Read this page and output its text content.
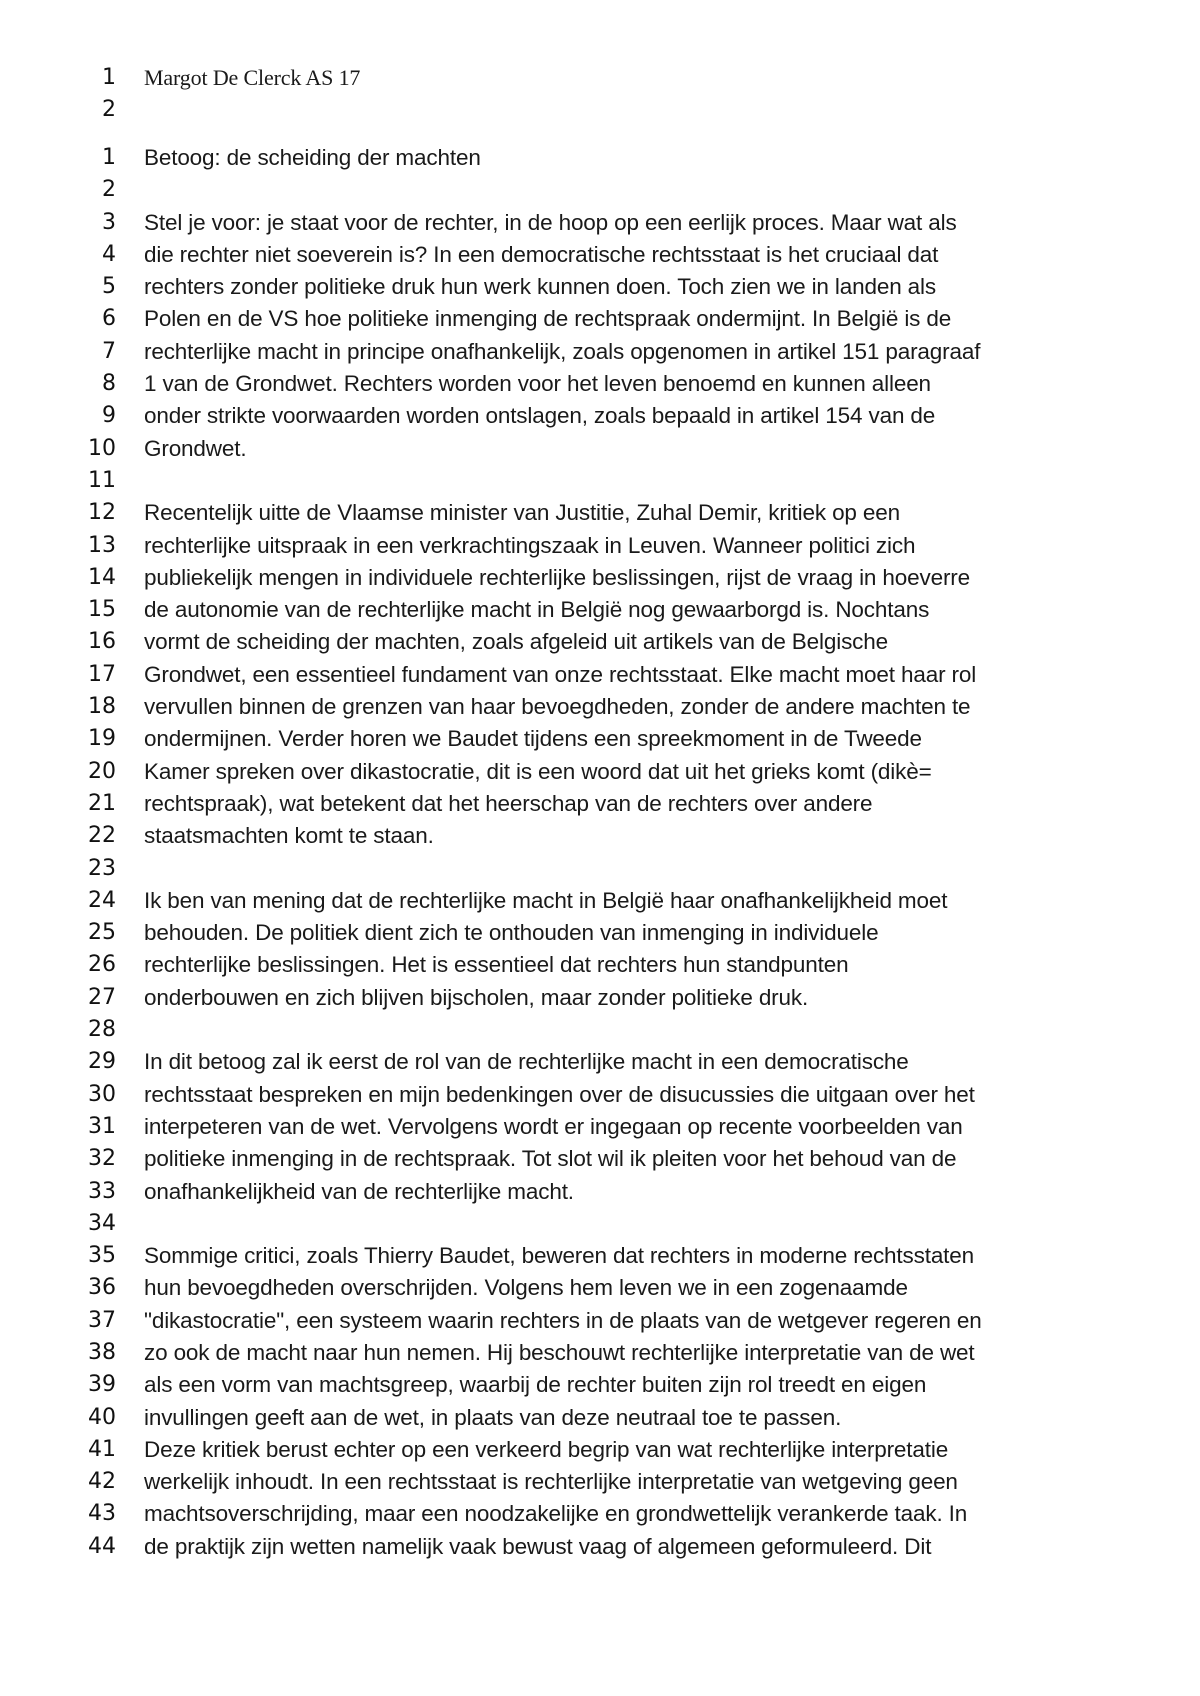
1 Margot De Clerck AS 17
2
1 Betoog: de scheiding der machten
2
3 Stel je voor: je staat voor de rechter, in de hoop op een eerlijk proces. Maar wat als
4 die rechter niet soeverein is? In een democratische rechtsstaat is het cruciaal dat
5 rechters zonder politieke druk hun werk kunnen doen. Toch zien we in landen als
6 Polen en de VS hoe politieke inmenging de rechtspraak ondermijnt. In België is de
7 rechterlijke macht in principe onafhankelijk, zoals opgenomen in artikel 151 paragraaf
8 1 van de Grondwet. Rechters worden voor het leven benoemd en kunnen alleen
9 onder strikte voorwaarden worden ontslagen, zoals bepaald in artikel 154 van de
10 Grondwet.
11
12 Recentelijk uitte de Vlaamse minister van Justitie, Zuhal Demir, kritiek op een
13 rechterlijke uitspraak in een verkrachtingszaak in Leuven. Wanneer politici zich
14 publiekelijk mengen in individuele rechterlijke beslissingen, rijst de vraag in hoeverre
15 de autonomie van de rechterlijke macht in België nog gewaarborgd is. Nochtans
16 vormt de scheiding der machten, zoals afgeleid uit artikels van de Belgische
17 Grondwet, een essentieel fundament van onze rechtsstaat. Elke macht moet haar rol
18 vervullen binnen de grenzen van haar bevoegdheden, zonder de andere machten te
19 ondermijnen. Verder horen we Baudet tijdens een spreekmoment in de Tweede
20 Kamer spreken over dikastocratie, dit is een woord dat uit het grieks komt (dikè=
21 rechtspraak), wat betekent dat het heerschap van de rechters over andere
22 staatsmachten komt te staan.
23
24 Ik ben van mening dat de rechterlijke macht in België haar onafhankelijkheid moet
25 behouden. De politiek dient zich te onthouden van inmenging in individuele
26 rechterlijke beslissingen. Het is essentieel dat rechters hun standpunten
27 onderbouwen en zich blijven bijscholen, maar zonder politieke druk.
28
29 In dit betoog zal ik eerst de rol van de rechterlijke macht in een democratische
30 rechtsstaat bespreken en mijn bedenkingen over de disucussies die uitgaan over het
31 interpeteren van de wet. Vervolgens wordt er ingegaan op recente voorbeelden van
32 politieke inmenging in de rechtspraak. Tot slot wil ik pleiten voor het behoud van de
33 onafhankelijkheid van de rechterlijke macht.
34
35 Sommige critici, zoals Thierry Baudet, beweren dat rechters in moderne rechtsstaten
36 hun bevoegdheden overschrijden. Volgens hem leven we in een zogenaamde
37 "dikastocratie", een systeem waarin rechters in de plaats van de wetgever regeren en
38 zo ook de macht naar hun nemen. Hij beschouwt rechterlijke interpretatie van de wet
39 als een vorm van machtsgreep, waarbij de rechter buiten zijn rol treedt en eigen
40 invullingen geeft aan de wet, in plaats van deze neutraal toe te passen.
41 Deze kritiek berust echter op een verkeerd begrip van wat rechterlijke interpretatie
42 werkelijk inhoudt. In een rechtsstaat is rechterlijke interpretatie van wetgeving geen
43 machtsoverschrijding, maar een noodzakelijke en grondwettelijk verankerde taak. In
44 de praktijk zijn wetten namelijk vaak bewust vaag of algemeen geformuleerd. Dit
